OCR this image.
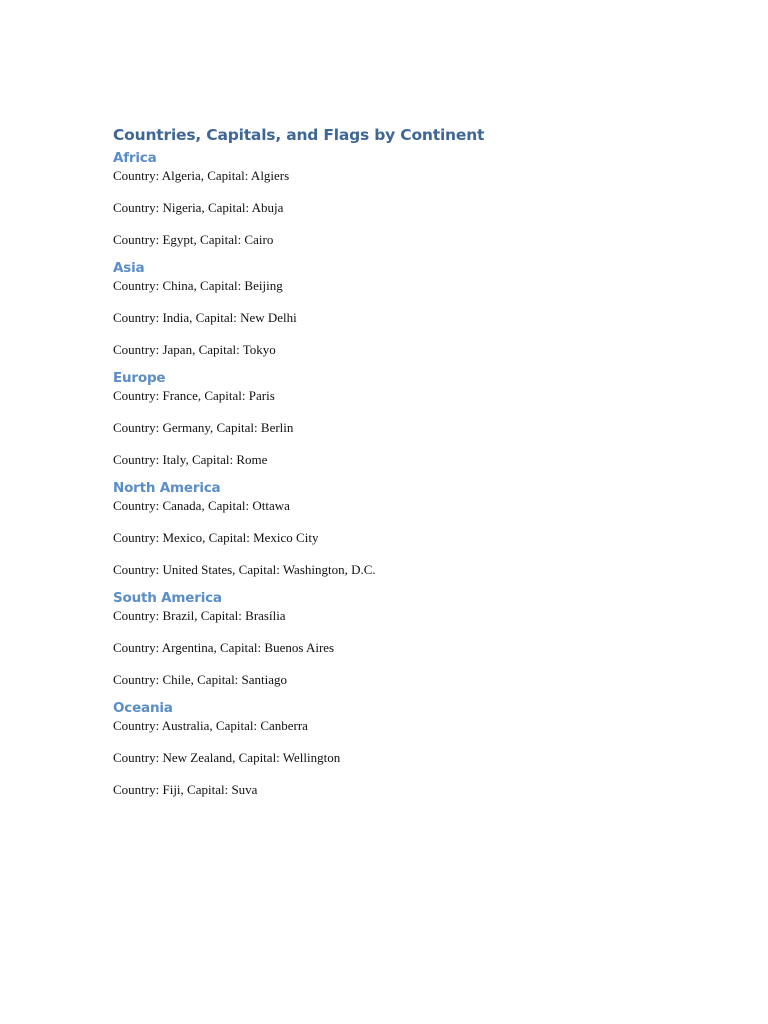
Countries, Capitals, and Flags by Continent
Africa

Country: Algeria, Capital: Algiers

Country: Nigeria, Capital: Abuja

Country: Egypt, Capital: Cairo

Asia

Country: China, Capital: Beijing

Country: India, Capital: New Delhi

Country: Japan, Capital: Tokyo

Europe

Country: France, Capital: Paris

Country: Germany, Capital: Berlin

Country: Italy, Capital: Rome

North America

Country: Canada, Capital: Ottawa

Country: Mexico, Capital: Mexico City

Country: United States, Capital: Washington, D.C.

South America

Country: Brazil, Capital: Brasília

Country: Argentina, Capital: Buenos Aires

Country: Chile, Capital: Santiago

Oceania

Country: Australia, Capital: Canberra

Country: New Zealand, Capital: Wellington

Country: Fiji, Capital: Suva
